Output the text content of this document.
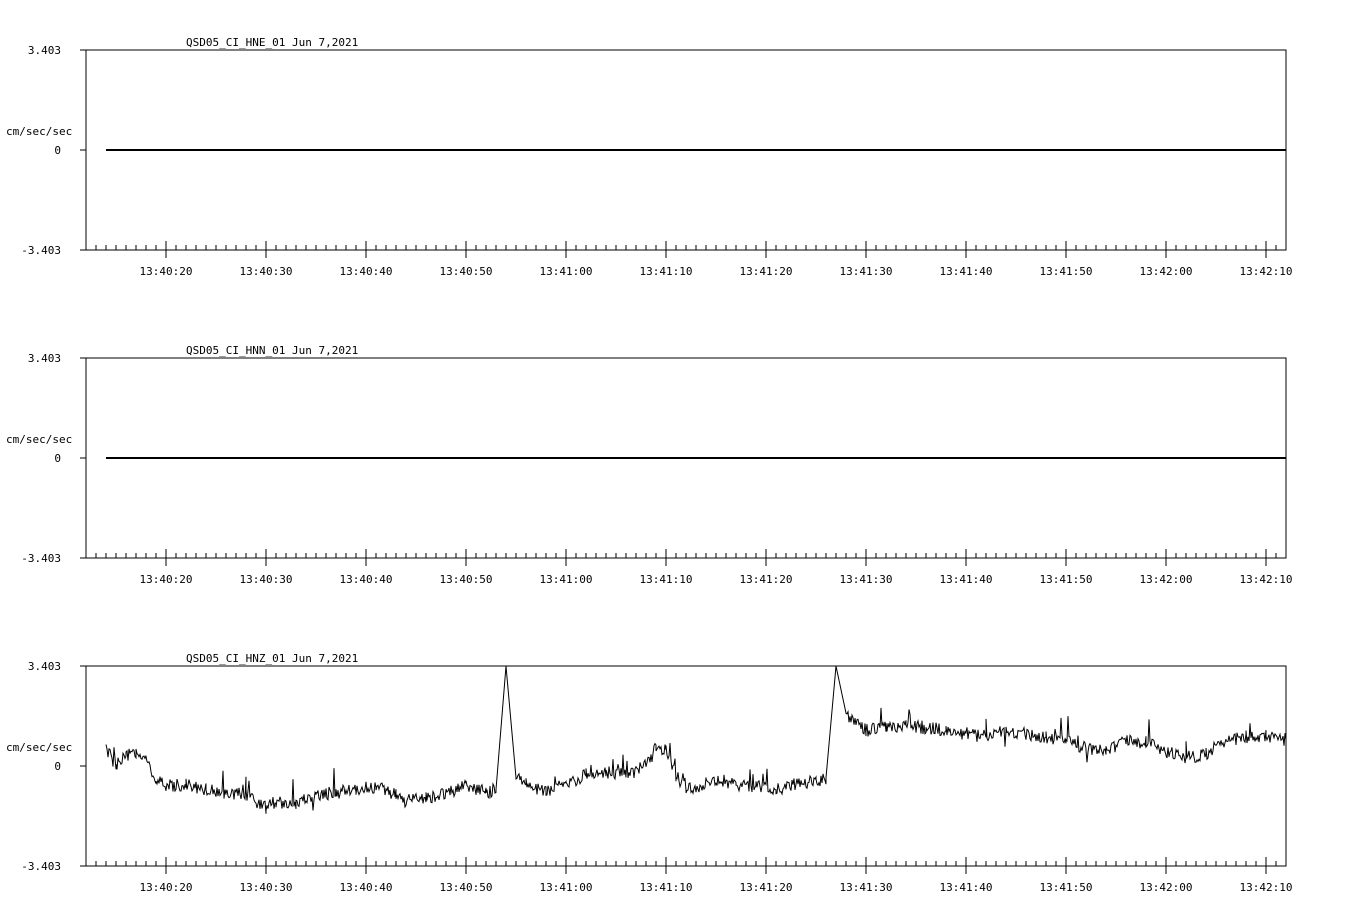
QSD05_CI_HNE_01 Jun 7,2021
3.403
0
-3.403
cm/sec/sec
13:40:20	13:40:30	13:40:40	13:40:50	13:41:00	13:41:10	13:41:20	13:41:30	13:41:40	13:41:50	13:42:00	13:42:10
QSD05_CI_HNN_01 Jun 7,2021
3.403
0
-3.403
cm/sec/sec
13:40:20	13:40:30	13:40:40	13:40:50	13:41:00	13:41:10	13:41:20	13:41:30	13:41:40	13:41:50	13:42:00	13:42:10
QSD05_CI_HNZ_01 Jun 7,2021
3.403
0
-3.403
cm/sec/sec
13:40:20	13:40:30	13:40:40	13:40:50	13:41:00	13:41:10	13:41:20	13:41:30	13:41:40	13:41:50	13:42:00	13:42:10
